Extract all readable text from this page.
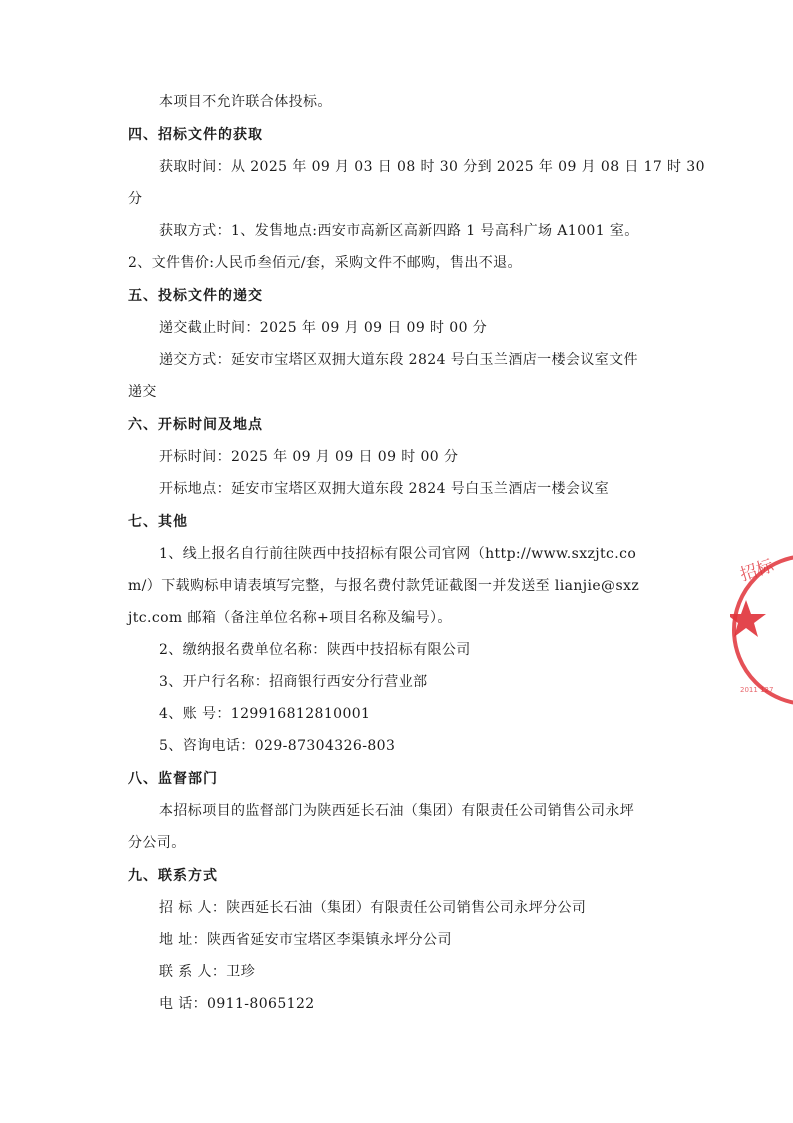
本项目不允许联合体投标。
四、招标文件的获取
获取时间：从 2025 年 09 月 03 日 08 时 30 分到 2025 年 09 月 08 日 17 时 30
分
获取方式：1、发售地点:西安市高新区高新四路 1 号高科广场 A1001 室。
2、文件售价:人民币叁佰元/套，采购文件不邮购，售出不退。
五、投标文件的递交
递交截止时间：2025 年 09 月 09 日 09 时 00 分
递交方式：延安市宝塔区双拥大道东段 2824 号白玉兰酒店一楼会议室文件
递交
六、开标时间及地点
开标时间：2025 年 09 月 09 日 09 时 00 分
开标地点：延安市宝塔区双拥大道东段 2824 号白玉兰酒店一楼会议室
七、其他
1、线上报名自行前往陕西中技招标有限公司官网（http://www.sxzjtc.co
m/）下载购标申请表填写完整，与报名费付款凭证截图一并发送至 lianjie@sxz
jtc.com 邮箱（备注单位名称+项目名称及编号）。
2、缴纳报名费单位名称：陕西中技招标有限公司
3、开户行名称：招商银行西安分行营业部
4、账 号：129916812810001
5、咨询电话：029-87304326-803
八、监督部门
本招标项目的监督部门为陕西延长石油（集团）有限责任公司销售公司永坪
分公司。
九、联系方式
招 标 人：陕西延长石油（集团）有限责任公司销售公司永坪分公司
地 址：陕西省延安市宝塔区李渠镇永坪分公司
联 系 人：卫珍
电 话：0911-8065122
招标
2011 127
